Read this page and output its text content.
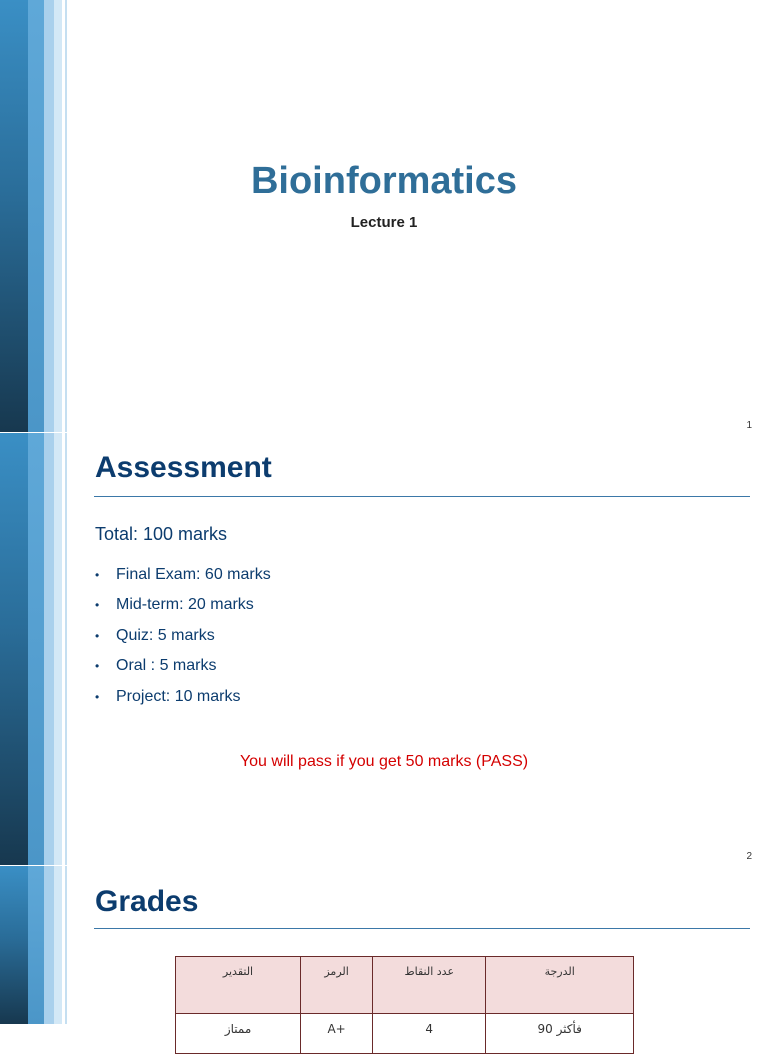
Bioinformatics
Lecture 1
1
Assessment
Total: 100 marks
• Final Exam: 60 marks
• Mid-term: 20 marks
• Quiz: 5 marks
• Oral : 5 marks
• Project: 10 marks
You will pass if you get 50 marks (PASS)
2
Grades
التقدير	الرمز	عدد النقاط	الدرجة
ممتاز	A+	4	90 فأكثر
